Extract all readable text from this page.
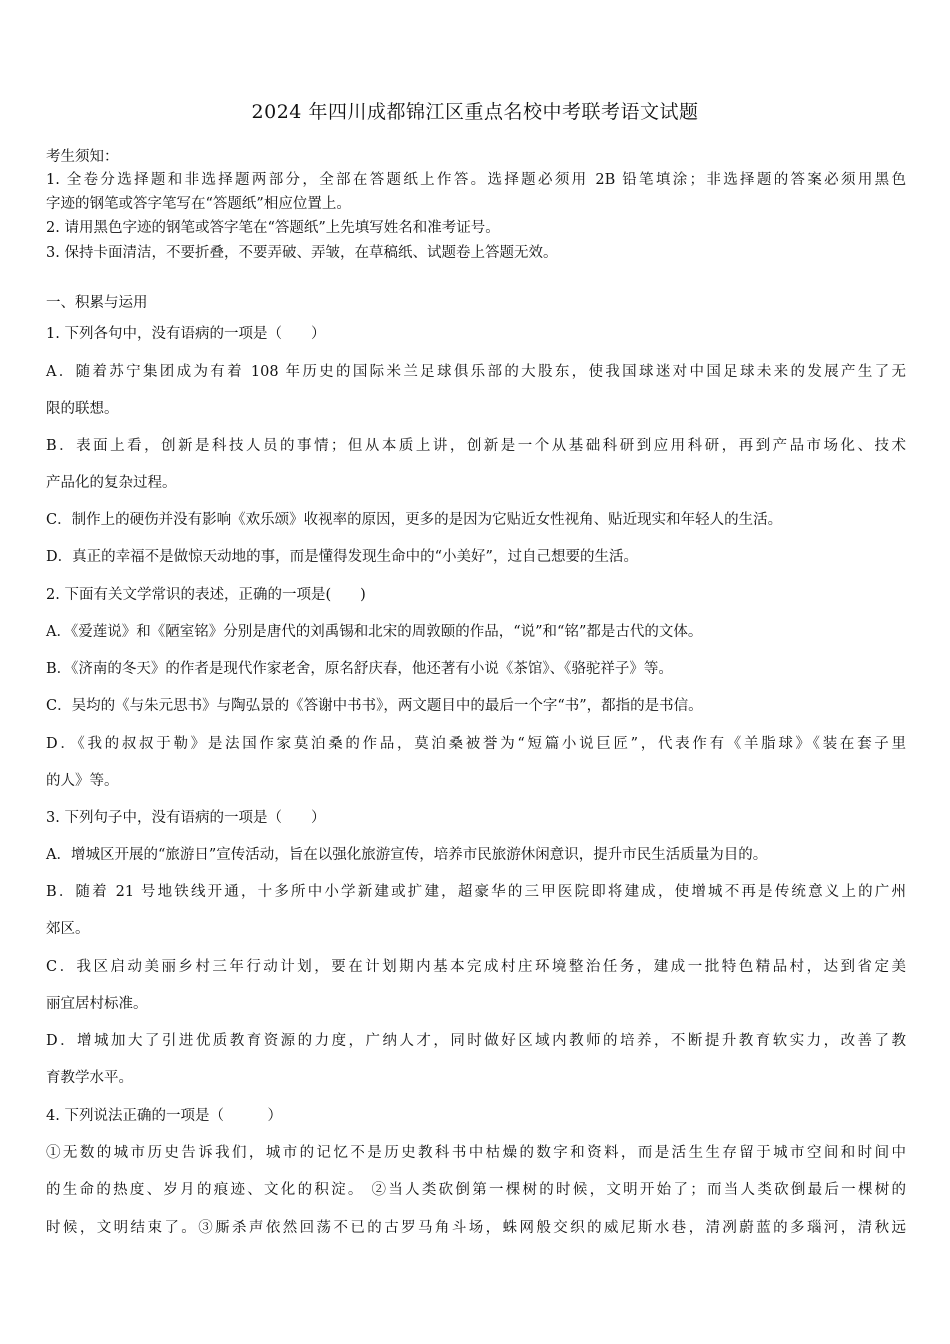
2024 年四川成都锦江区重点名校中考联考语文试题
考生须知：
1. 全卷分选择题和非选择题两部分，全部在答题纸上作答。选择题必须用 2B 铅笔填涂；非选择题的答案必须用黑色
字迹的钢笔或答字笔写在“答题纸”相应位置上。
2. 请用黑色字迹的钢笔或答字笔在“答题纸”上先填写姓名和准考证号。
3. 保持卡面清洁，不要折叠，不要弄破、弄皱，在草稿纸、试题卷上答题无效。
一、积累与运用
1. 下列各句中，没有语病的一项是（　　）
A．随着苏宁集团成为有着 108 年历史的国际米兰足球俱乐部的大股东，使我国球迷对中国足球未来的发展产生了无
限的联想。
B．表面上看，创新是科技人员的事情；但从本质上讲，创新是一个从基础科研到应用科研，再到产品市场化、技术
产品化的复杂过程。
C．制作上的硬伤并没有影响《欢乐颂》收视率的原因，更多的是因为它贴近女性视角、贴近现实和年轻人的生活。
D．真正的幸福不是做惊天动地的事，而是懂得发现生命中的“小美好”，过自己想要的生活。
2. 下面有关文学常识的表述，正确的一项是(　　)
A．《爱莲说》和《陋室铭》分别是唐代的刘禹锡和北宋的周敦颐的作品，“说”和“铭”都是古代的文体。
B．《济南的冬天》的作者是现代作家老舍，原名舒庆春，他还著有小说《茶馆》、《骆驼祥子》等。
C．吴均的《与朱元思书》与陶弘景的《答谢中书书》，两文题目中的最后一个字“书”，都指的是书信。
D．《我的叔叔于勒》是法国作家莫泊桑的作品，莫泊桑被誉为“短篇小说巨匠”，代表作有《羊脂球》《装在套子里
的人》等。
3. 下列句子中，没有语病的一项是（　　）
A．增城区开展的“旅游日”宣传活动，旨在以强化旅游宣传，培养市民旅游休闲意识，提升市民生活质量为目的。
B．随着 21 号地铁线开通，十多所中小学新建或扩建，超豪华的三甲医院即将建成，使增城不再是传统意义上的广州
郊区。
C．我区启动美丽乡村三年行动计划，要在计划期内基本完成村庄环境整治任务，建成一批特色精品村，达到省定美
丽宜居村标准。
D．增城加大了引进优质教育资源的力度，广纳人才，同时做好区域内教师的培养，不断提升教育软实力，改善了教
育教学水平。
4. 下列说法正确的一项是（　　　）
①无数的城市历史告诉我们，城市的记忆不是历史教科书中枯燥的数字和资料，而是活生生存留于城市空间和时间中
的生命的热度、岁月的痕迹、文化的积淀。 ②当人类砍倒第一棵树的时候，文明开始了；而当人类砍倒最后一棵树的
时候，文明结束了。③厮杀声依然回荡不已的古罗马角斗场，蛛网般交织的威尼斯水巷，清冽蔚蓝的多瑙河，清秋远
